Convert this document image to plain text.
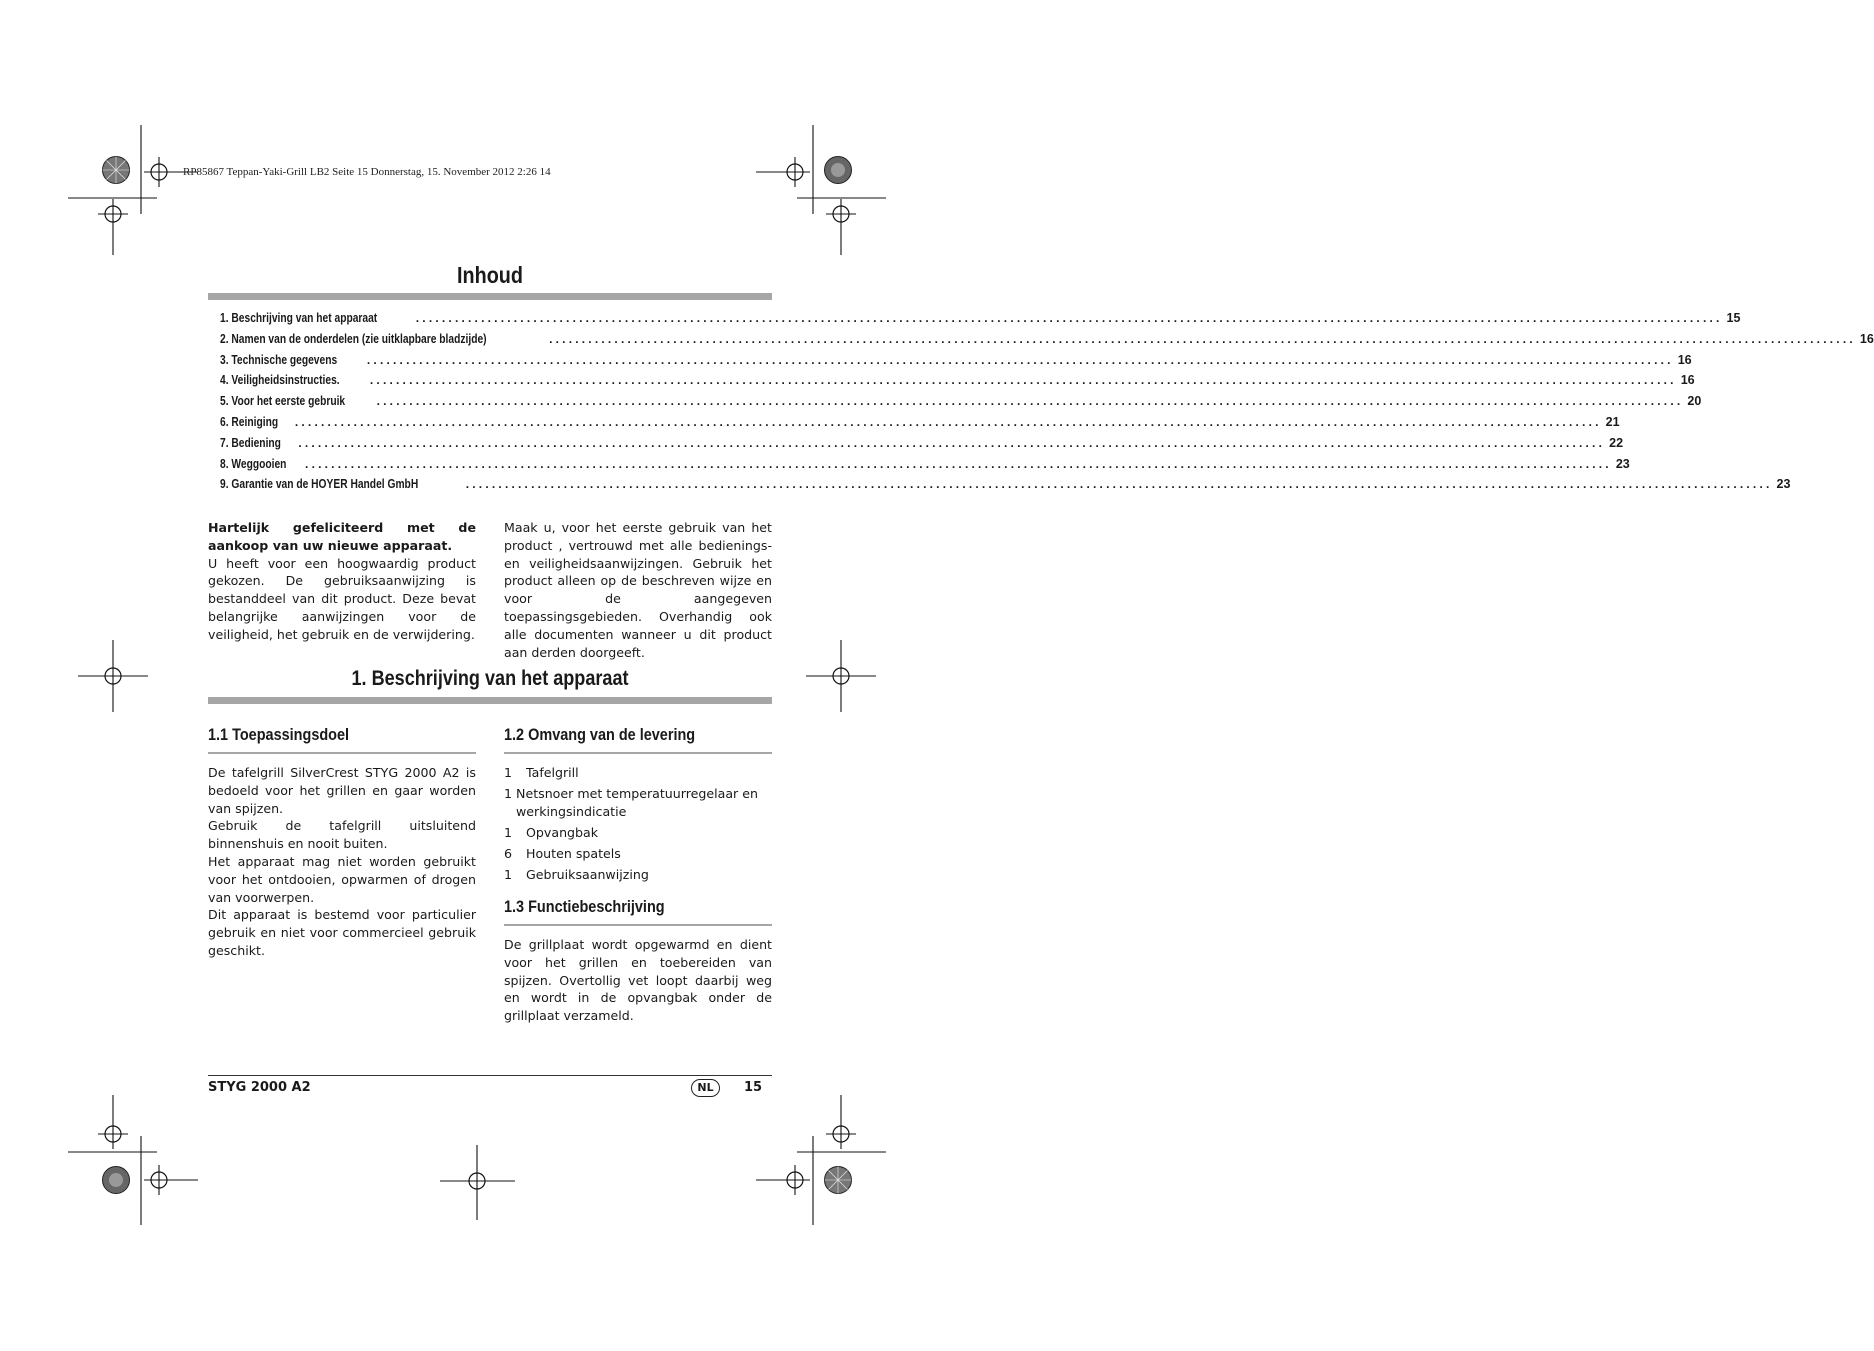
RP85867 Teppan-Yaki-Grill LB2 Seite 15 Donnerstag, 15. November 2012 2:26 14
Inhoud
1. Beschrijving van het apparaat	........................................................................................................................................................................................................ 15
2. Namen van de onderdelen (zie uitklapbare bladzijde)	........................................................................................................................................................................................................ 16
3. Technische gegevens	........................................................................................................................................................................................................ 16
4. Veiligheidsinstructies.	........................................................................................................................................................................................................ 16
5. Voor het eerste gebruik	........................................................................................................................................................................................................ 20
6. Reiniging	........................................................................................................................................................................................................ 21
7. Bediening	........................................................................................................................................................................................................ 22
8. Weggooien	........................................................................................................................................................................................................ 23
9. Garantie van de HOYER Handel GmbH	........................................................................................................................................................................................................ 23

Hartelijk gefeliciteerd met de aankoop van uw nieuwe apparaat.

U heeft voor een hoogwaardig product gekozen. De gebruiksaanwijzing is bestanddeel van dit product. Deze bevat belangrijke aanwijzingen voor de veiligheid, het gebruik en de verwijdering.

Maak u, voor het eerste gebruik van het product , vertrouwd met alle bedienings- en veiligheidsaanwijzingen. Gebruik het product alleen op de beschreven wijze en voor de aangegeven toepassingsgebieden. Overhandig ook alle documenten wanneer u dit product aan derden doorgeeft.

1. Beschrijving van het apparaat
1.1 Toepassingsdoel

De tafelgrill SilverCrest STYG 2000 A2 is bedoeld voor het grillen en gaar worden van spijzen.

Gebruik de tafelgrill uitsluitend binnenshuis en nooit buiten.

Het apparaat mag niet worden gebruikt voor het ontdooien, opwarmen of drogen van voorwerpen.

Dit apparaat is bestemd voor particulier gebruik en niet voor commercieel gebruik geschikt.

1.2 Omvang van de levering
1	Tafelgrill
1 Netsnoer met temperatuurregelaar en werkingsindicatie
1	Opvangbak
6	Houten spatels
1	Gebruiksaanwijzing
1.3 Functiebeschrijving

De grillplaat wordt opgewarmd en dient voor het grillen en toebereiden van spijzen. Overtollig vet loopt daarbij weg en wordt in de opvangbak onder de grillplaat verzameld.

STYG 2000 A2	NL	15
